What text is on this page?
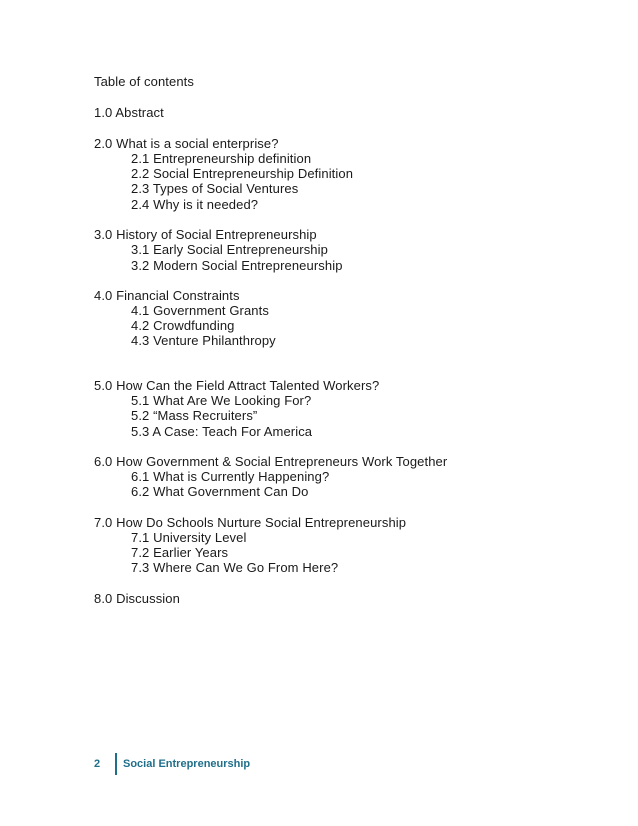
Table of contents
1.0 Abstract
2.0 What is a social enterprise?
2.1 Entrepreneurship definition
2.2 Social Entrepreneurship Definition
2.3 Types of Social Ventures
2.4 Why is it needed?
3.0 History of Social Entrepreneurship
3.1 Early Social Entrepreneurship
3.2 Modern Social Entrepreneurship
4.0 Financial Constraints
4.1 Government Grants
4.2 Crowdfunding
4.3 Venture Philanthropy
5.0 How Can the Field Attract Talented Workers?
5.1 What Are We Looking For?
5.2 “Mass Recruiters”
5.3 A Case: Teach For America
6.0 How Government & Social Entrepreneurs Work Together
6.1 What is Currently Happening?
6.2 What Government Can Do
7.0 How Do Schools Nurture Social Entrepreneurship
7.1 University Level
7.2 Earlier Years
7.3 Where Can We Go From Here?
8.0 Discussion
2	Social Entrepreneurship
